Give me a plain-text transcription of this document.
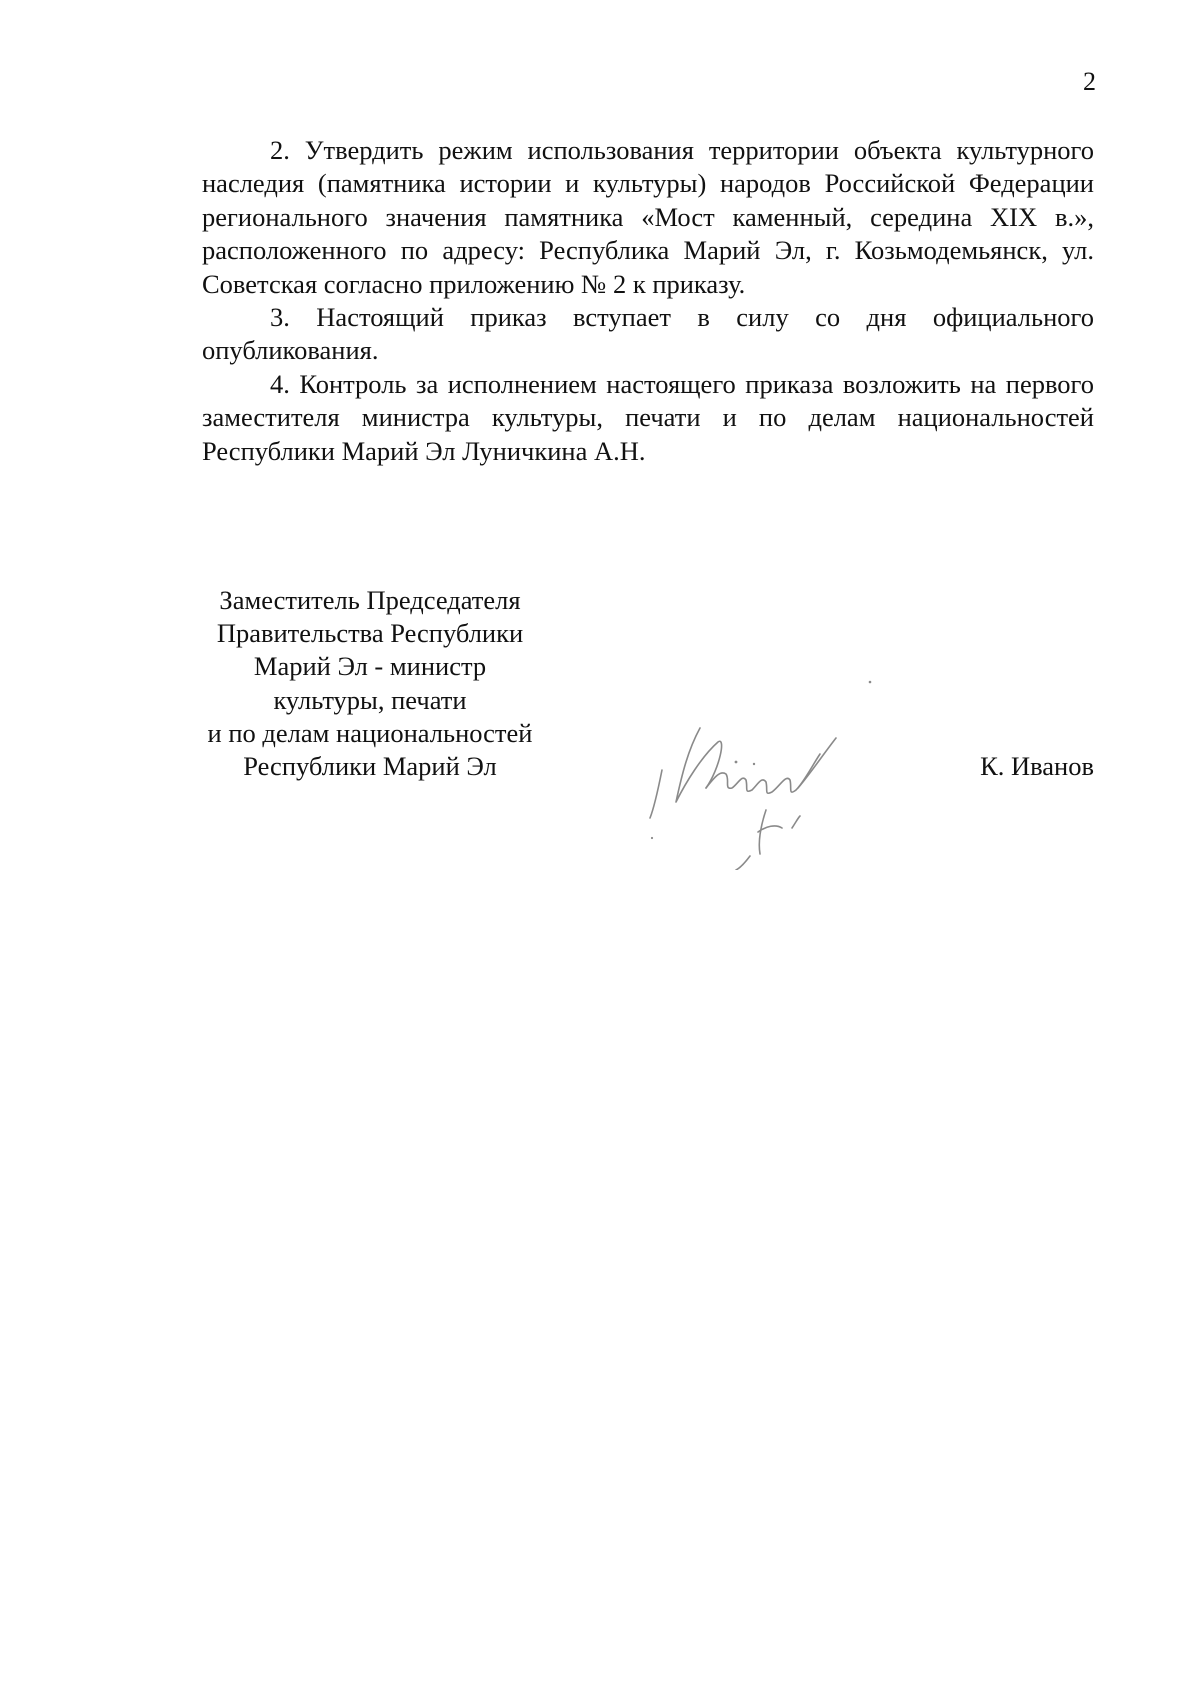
2

2. Утвердить режим использования территории объекта культурного наследия (памятника истории и культуры) народов Российской Федерации регионального значения памятника «Мост каменный, середина XIX в.», расположенного по адресу: Республика Марий Эл, г. Козьмодемьянск, ул. Советская согласно приложению № 2 к приказу.

3. Настоящий приказ вступает в силу со дня официального опубликования.

4. Контроль за исполнением настоящего приказа возложить на первого заместителя министра культуры, печати и по делам национальностей Республики Марий Эл Луничкина А.Н.

Заместитель Председателя
Правительства Республики
Марий Эл - министр
культуры, печати
и по делам национальностей
Республики Марий Эл	К. Иванов
